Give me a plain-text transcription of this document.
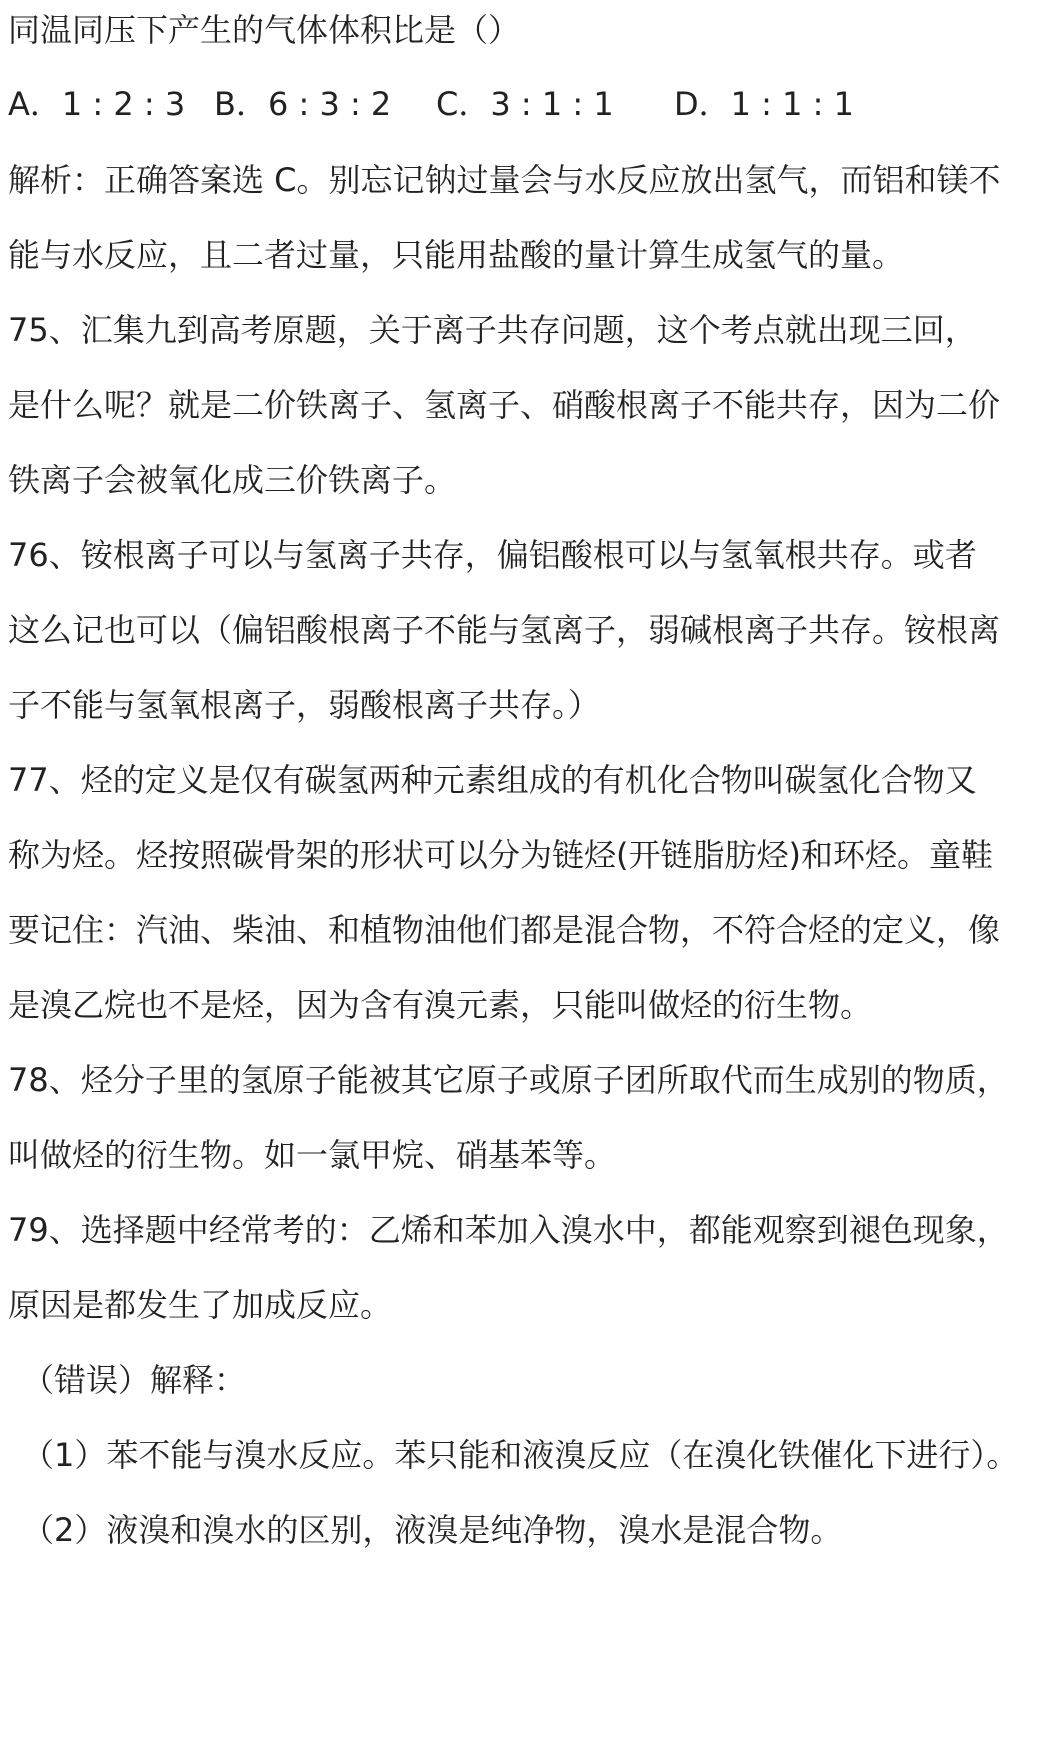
同温同压下产生的气体体积比是（）
A．1 : 2 : 3 B．6 : 3 : 2 C．3 : 1 : 1 D．1 : 1 : 1
解析：正确答案选 C。别忘记钠过量会与水反应放出氢气，而铝和镁不
能与水反应，且二者过量，只能用盐酸的量计算生成氢气的量。
75、汇集九到高考原题，关于离子共存问题，这个考点就出现三回，
是什么呢？就是二价铁离子、氢离子、硝酸根离子不能共存，因为二价
铁离子会被氧化成三价铁离子。
76、铵根离子可以与氢离子共存，偏铝酸根可以与氢氧根共存。或者
这么记也可以（偏铝酸根离子不能与氢离子，弱碱根离子共存。铵根离
子不能与氢氧根离子，弱酸根离子共存。）
77、烃的定义是仅有碳氢两种元素组成的有机化合物叫碳氢化合物又
称为烃。烃按照碳骨架的形状可以分为链烃(开链脂肪烃)和环烃。童鞋
要记住：汽油、柴油、和植物油他们都是混合物，不符合烃的定义，像
是溴乙烷也不是烃，因为含有溴元素，只能叫做烃的衍生物。
78、烃分子里的氢原子能被其它原子或原子团所取代而生成别的物质，
叫做烃的衍生物。如一氯甲烷、硝基苯等。
79、选择题中经常考的：乙烯和苯加入溴水中，都能观察到褪色现象，
原因是都发生了加成反应。
（错误）解释：
（1）苯不能与溴水反应。苯只能和液溴反应（在溴化铁催化下进行）。
（2）液溴和溴水的区别，液溴是纯净物，溴水是混合物。
